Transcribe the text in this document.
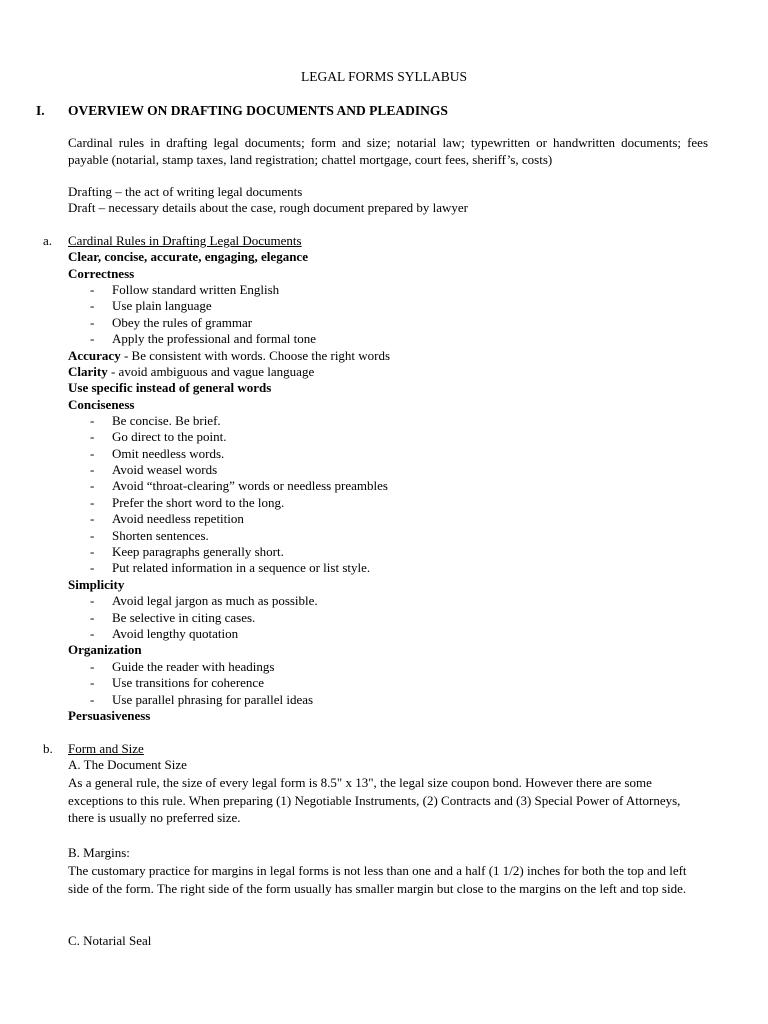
LEGAL FORMS SYLLABUS
I. OVERVIEW ON DRAFTING DOCUMENTS AND PLEADINGS
Cardinal rules in drafting legal documents; form and size; notarial law; typewritten or handwritten documents; fees payable (notarial, stamp taxes, land registration; chattel mortgage, court fees, sheriff’s, costs)
Drafting – the act of writing legal documents
Draft – necessary details about the case, rough document prepared by lawyer
a. Cardinal Rules in Drafting Legal Documents
Clear, concise, accurate, engaging, elegance
Correctness
- Follow standard written English
- Use plain language
- Obey the rules of grammar
- Apply the professional and formal tone
Accuracy - Be consistent with words. Choose the right words
Clarity - avoid ambiguous and vague language
Use specific instead of general words
Conciseness
- Be concise. Be brief.
- Go direct to the point.
- Omit needless words.
- Avoid weasel words
- Avoid “throat-clearing” words or needless preambles
- Prefer the short word to the long.
- Avoid needless repetition
- Shorten sentences.
- Keep paragraphs generally short.
- Put related information in a sequence or list style.
Simplicity
- Avoid legal jargon as much as possible.
- Be selective in citing cases.
- Avoid lengthy quotation
Organization
- Guide the reader with headings
- Use transitions for coherence
- Use parallel phrasing for parallel ideas
Persuasiveness
b. Form and Size
A. The Document Size
As a general rule, the size of every legal form is 8.5" x 13", the legal size coupon bond. However there are some exceptions to this rule. When preparing (1) Negotiable Instruments, (2) Contracts and (3) Special Power of Attorneys, there is usually no preferred size.
B. Margins:
The customary practice for margins in legal forms is not less than one and a half (1 1/2) inches for both the top and left side of the form. The right side of the form usually has smaller margin but close to the margins on the left and top side.
C. Notarial Seal
